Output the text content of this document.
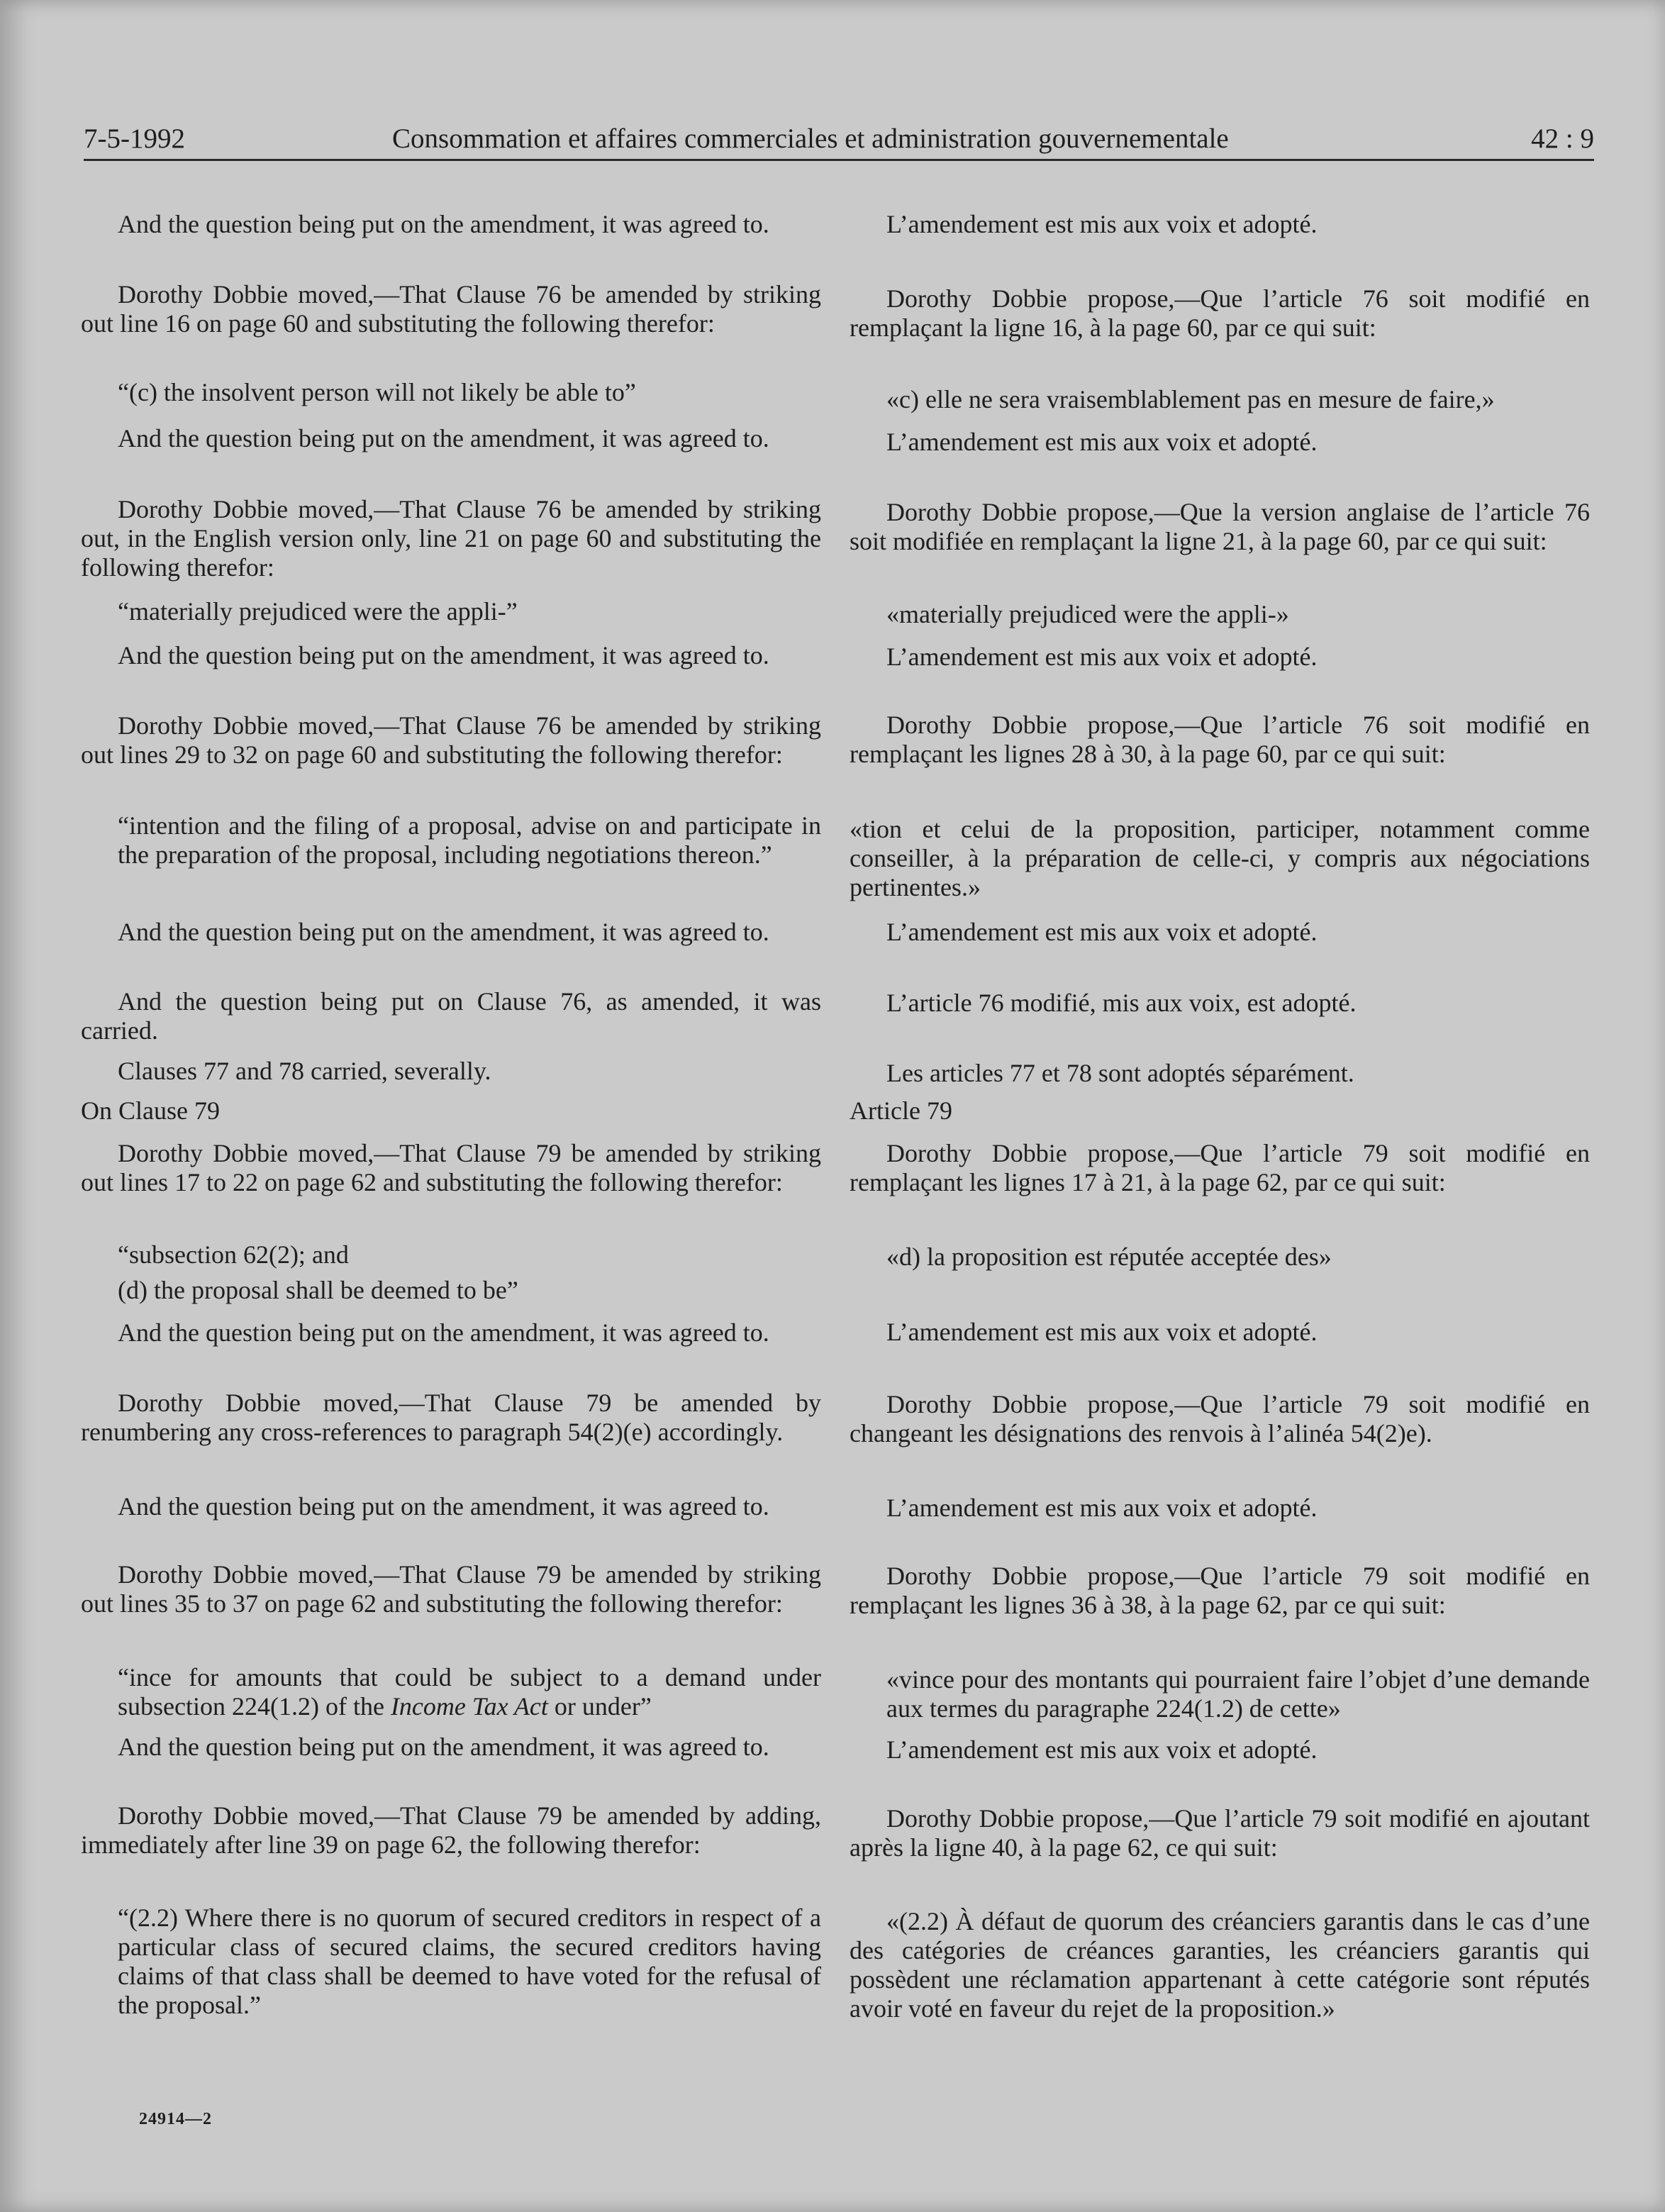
7-5-1992	Consommation et affaires commerciales et administration gouvernementale	42 : 9

And the question being put on the amendment, it was agreed to.

Dorothy Dobbie moved,—That Clause 76 be amended by striking out line 16 on page 60 and substituting the following therefor:

“(c) the insolvent person will not likely be able to”

And the question being put on the amendment, it was agreed to.

Dorothy Dobbie moved,—That Clause 76 be amended by striking out, in the English version only, line 21 on page 60 and substituting the following therefor:

“materially prejudiced were the appli-”

And the question being put on the amendment, it was agreed to.

Dorothy Dobbie moved,—That Clause 76 be amended by striking out lines 29 to 32 on page 60 and substituting the following therefor:

“intention and the filing of a proposal, advise on and participate in the preparation of the proposal, including negotiations thereon.”

And the question being put on the amendment, it was agreed to.

And the question being put on Clause 76, as amended, it was carried.

Clauses 77 and 78 carried, severally.

On Clause 79

Dorothy Dobbie moved,—That Clause 79 be amended by striking out lines 17 to 22 on page 62 and substituting the following therefor:

“subsection 62(2); and

(d) the proposal shall be deemed to be”

And the question being put on the amendment, it was agreed to.

Dorothy Dobbie moved,—That Clause 79 be amended by renumbering any cross-references to paragraph 54(2)(e) accordingly.

And the question being put on the amendment, it was agreed to.

Dorothy Dobbie moved,—That Clause 79 be amended by striking out lines 35 to 37 on page 62 and substituting the following therefor:

“ince for amounts that could be subject to a demand under subsection 224(1.2) of the Income Tax Act or under”

And the question being put on the amendment, it was agreed to.

Dorothy Dobbie moved,—That Clause 79 be amended by adding, immediately after line 39 on page 62, the following therefor:

“(2.2) Where there is no quorum of secured creditors in respect of a particular class of secured claims, the secured creditors having claims of that class shall be deemed to have voted for the refusal of the proposal.”

L’amendement est mis aux voix et adopté.

Dorothy Dobbie propose,—Que l’article 76 soit modifié en remplaçant la ligne 16, à la page 60, par ce qui suit:

«c) elle ne sera vraisemblablement pas en mesure de faire,»

L’amendement est mis aux voix et adopté.

Dorothy Dobbie propose,—Que la version anglaise de l’article 76 soit modifiée en remplaçant la ligne 21, à la page 60, par ce qui suit:

«materially prejudiced were the appli-»

L’amendement est mis aux voix et adopté.

Dorothy Dobbie propose,—Que l’article 76 soit modifié en remplaçant les lignes 28 à 30, à la page 60, par ce qui suit:

«tion et celui de la proposition, participer, notamment comme conseiller, à la préparation de celle-ci, y compris aux négociations pertinentes.»

L’amendement est mis aux voix et adopté.

L’article 76 modifié, mis aux voix, est adopté.

Les articles 77 et 78 sont adoptés séparément.

Article 79

Dorothy Dobbie propose,—Que l’article 79 soit modifié en remplaçant les lignes 17 à 21, à la page 62, par ce qui suit:

«d) la proposition est réputée acceptée des»

L’amendement est mis aux voix et adopté.

Dorothy Dobbie propose,—Que l’article 79 soit modifié en changeant les désignations des renvois à l’alinéa 54(2)e).

L’amendement est mis aux voix et adopté.

Dorothy Dobbie propose,—Que l’article 79 soit modifié en remplaçant les lignes 36 à 38, à la page 62, par ce qui suit:

«vince pour des montants qui pourraient faire l’objet d’une demande aux termes du paragraphe 224(1.2) de cette»

L’amendement est mis aux voix et adopté.

Dorothy Dobbie propose,—Que l’article 79 soit modifié en ajoutant après la ligne 40, à la page 62, ce qui suit:

«(2.2) À défaut de quorum des créanciers garantis dans le cas d’une des catégories de créances garanties, les créanciers garantis qui possèdent une réclamation appartenant à cette catégorie sont réputés avoir voté en faveur du rejet de la proposition.»

24914—2
